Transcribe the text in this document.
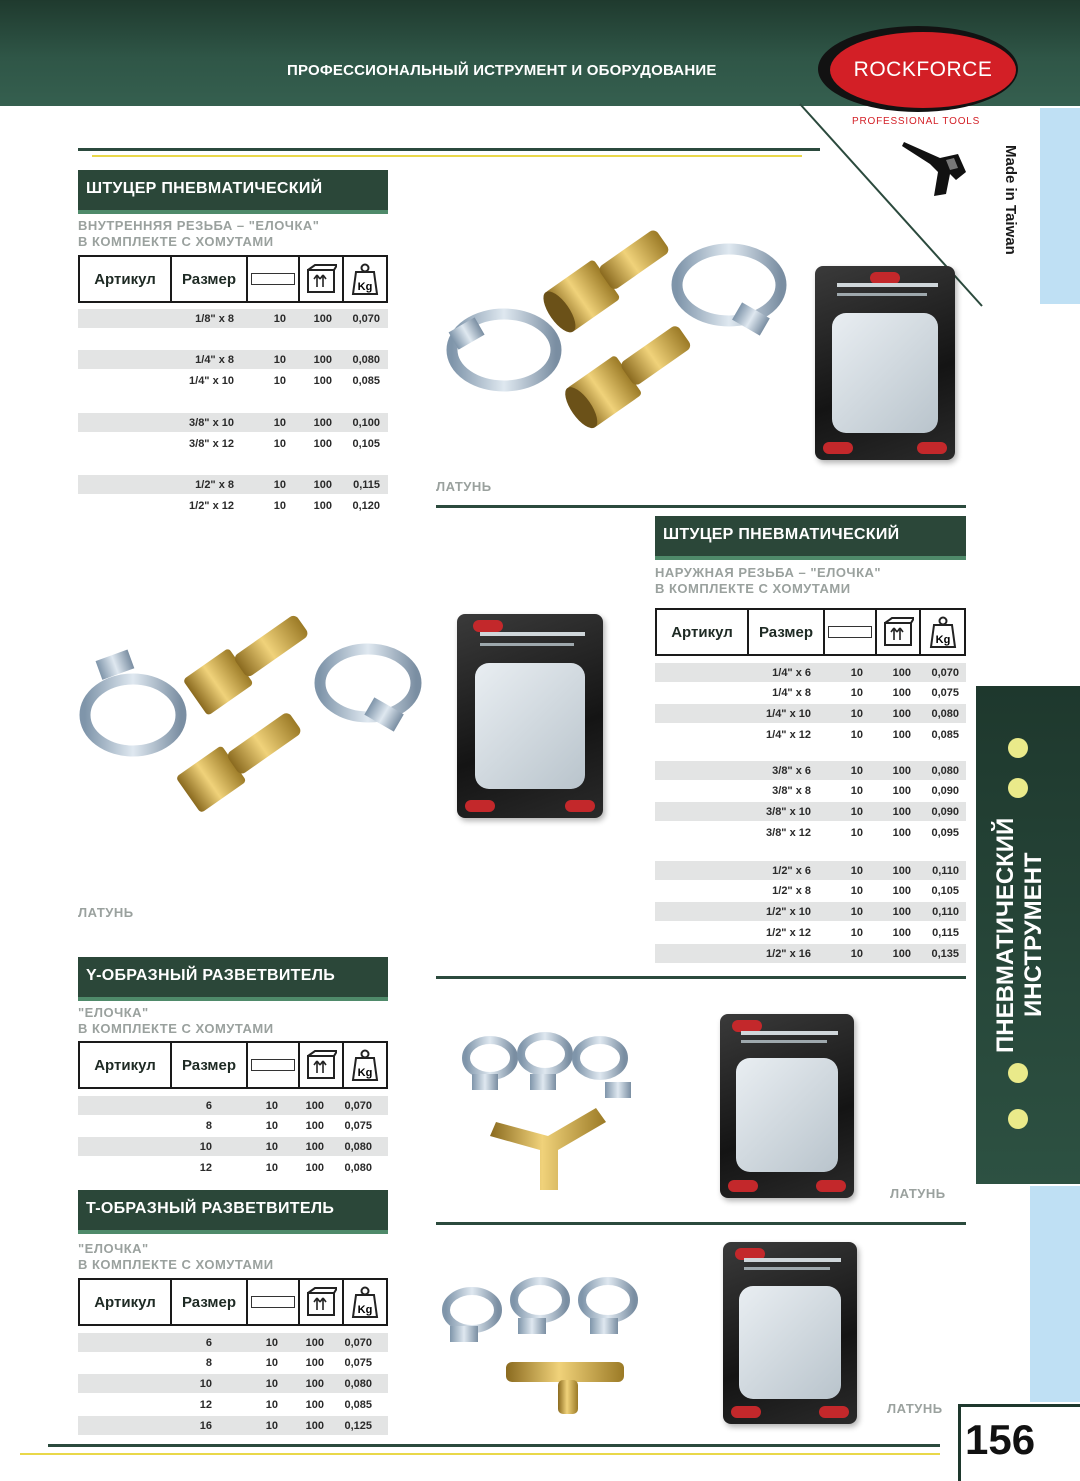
ПРОФЕССИОНАЛЬНЫЙ ИСТРУМЕНТ И ОБОРУДОВАНИЕ	ROCKFORCE
PROFESSIONAL TOOLS
Made in Taiwan
ПНЕВМАТИЧЕСКИЙ
ИНСТРУМЕНТ
ШТУЦЕР ПНЕВМАТИЧЕСКИЙ
ВНУТРЕННЯЯ РЕЗЬБА – "ЕЛОЧКА"
В КОМПЛЕКТЕ С ХОМУТАМИ
Артикул	Размер	Kg
1/8" x 8	10	100	0,070
1/4" x 8	10	100	0,080
1/4" x 10	10	100	0,085
3/8" x 10	10	100	0,100
3/8" x 12	10	100	0,105
1/2" x 8	10	100	0,115
1/2" x 12	10	100	0,120
ЛАТУНЬ
ШТУЦЕР ПНЕВМАТИЧЕСКИЙ
НАРУЖНАЯ РЕЗЬБА – "ЕЛОЧКА"
В КОМПЛЕКТЕ С ХОМУТАМИ
Артикул	Размер	Kg
1/4" x 6	10	100	0,070
1/4" x 8	10	100	0,075
1/4" x 10	10	100	0,080
1/4" x 12	10	100	0,085
3/8" x 6	10	100	0,080
3/8" x 8	10	100	0,090
3/8" x 10	10	100	0,090
3/8" x 12	10	100	0,095
1/2" x 6	10	100	0,110
1/2" x 8	10	100	0,105
1/2" x 10	10	100	0,110
1/2" x 12	10	100	0,115
1/2" x 16	10	100	0,135
ЛАТУНЬ
Y-ОБРАЗНЫЙ РАЗВЕТВИТЕЛЬ
"ЕЛОЧКА"
В КОМПЛЕКТЕ С ХОМУТАМИ
Артикул	Размер	Kg
6	10	100	0,070
8	10	100	0,075
10	10	100	0,080
12	10	100	0,080
ЛАТУНЬ
T-ОБРАЗНЫЙ РАЗВЕТВИТЕЛЬ
"ЕЛОЧКА"
В КОМПЛЕКТЕ С ХОМУТАМИ
Артикул	Размер	Kg
6	10	100	0,070
8	10	100	0,075
10	10	100	0,080
12	10	100	0,085
16	10	100	0,125
ЛАТУНЬ
156
